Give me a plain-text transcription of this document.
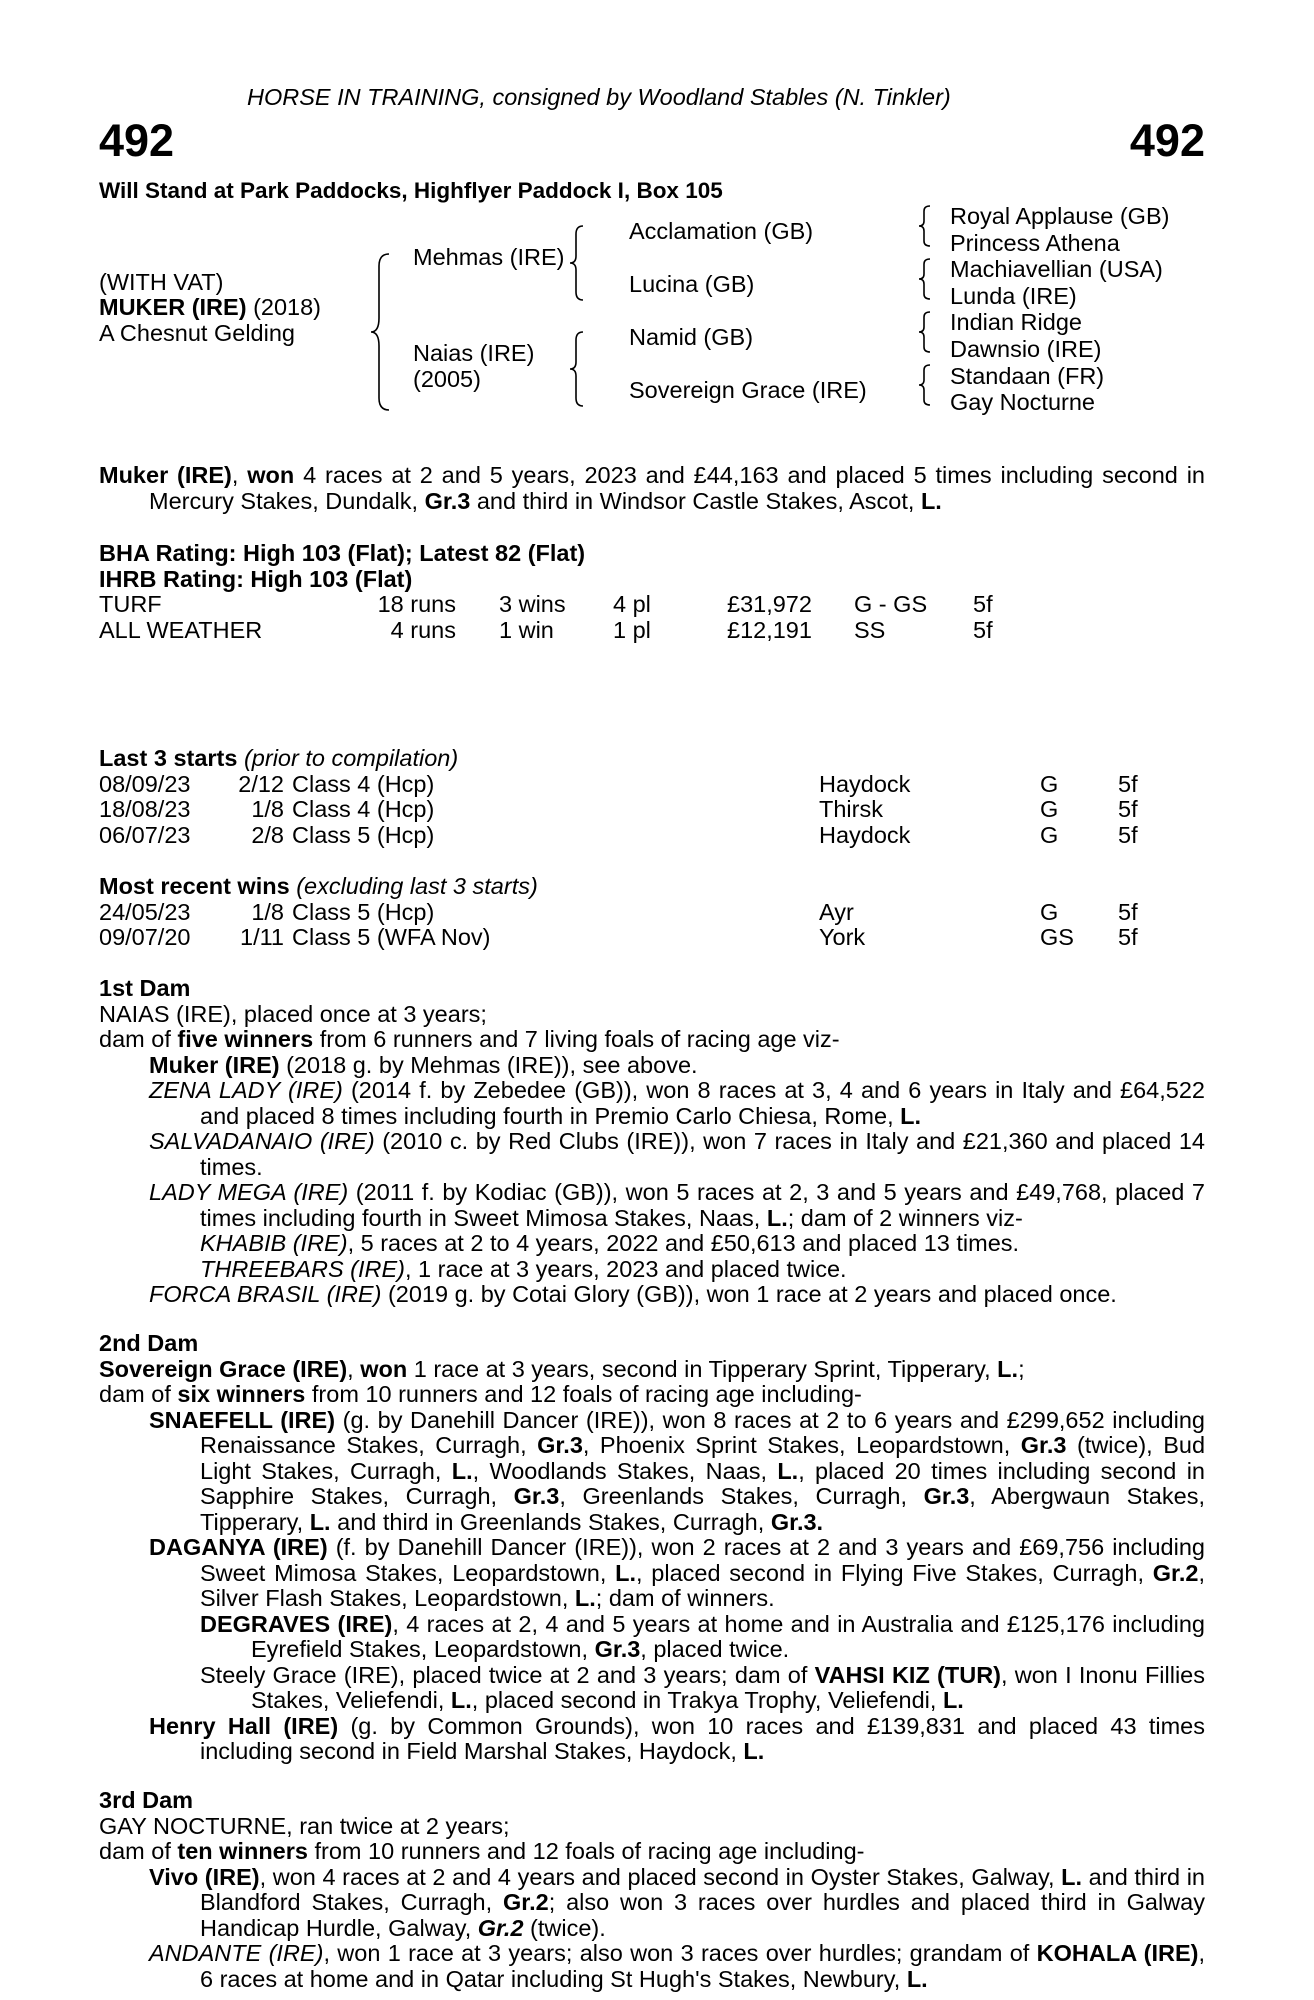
HORSE IN TRAINING, consigned by Woodland Stables (N. Tinkler)
492	492
Will Stand at Park Paddocks, Highflyer Paddock I, Box 105
(WITH VAT)
MUKER (IRE) (2018)
A Chesnut Gelding
Mehmas (IRE)
Naias (IRE)
(2005)
Acclamation (GB)
Lucina (GB)
Namid (GB)
Sovereign Grace (IRE)
Royal Applause (GB)
Princess Athena
Machiavellian (USA)
Lunda (IRE)
Indian Ridge
Dawnsio (IRE)
Standaan (FR)
Gay Nocturne

Muker (IRE), won 4 races at 2 and 5 years, 2023 and £44,163 and placed 5 times including second in Mercury Stakes, Dundalk, Gr.3 and third in Windsor Castle Stakes, Ascot, L.

BHA Rating: High 103 (Flat); Latest 82 (Flat)
IHRB Rating: High 103 (Flat)
TURF	18 runs 3 wins 4 pl	£31,972 G - GS 5f
ALL WEATHER	4 runs 1 win	1 pl	£12,191 SS	5f
Last 3 starts (prior to compilation)
08/09/23	2/12 Class 4 (Hcp)	Haydock	G	5f
18/08/23	1/8 Class 4 (Hcp)	Thirsk	G	5f
06/07/23	2/8 Class 5 (Hcp)	Haydock	G	5f
Most recent wins (excluding last 3 starts)
24/05/23	1/8 Class 5 (Hcp)	Ayr	G	5f
09/07/20	1/11 Class 5 (WFA Nov)	York	GS 5f
1st Dam

NAIAS (IRE), placed once at 3 years;

dam of five winners from 6 runners and 7 living foals of racing age viz-

Muker (IRE) (2018 g. by Mehmas (IRE)), see above.

ZENA LADY (IRE) (2014 f. by Zebedee (GB)), won 8 races at 3, 4 and 6 years in Italy and £64,522 and placed 8 times including fourth in Premio Carlo Chiesa, Rome, L.

SALVADANAIO (IRE) (2010 c. by Red Clubs (IRE)), won 7 races in Italy and £21,360 and placed 14 times.

LADY MEGA (IRE) (2011 f. by Kodiac (GB)), won 5 races at 2, 3 and 5 years and £49,768, placed 7 times including fourth in Sweet Mimosa Stakes, Naas, L.; dam of 2 winners viz-

KHABIB (IRE), 5 races at 2 to 4 years, 2022 and £50,613 and placed 13 times.

THREEBARS (IRE), 1 race at 3 years, 2023 and placed twice.

FORCA BRASIL (IRE) (2019 g. by Cotai Glory (GB)), won 1 race at 2 years and placed once.

2nd Dam

Sovereign Grace (IRE), won 1 race at 3 years, second in Tipperary Sprint, Tipperary, L.;

dam of six winners from 10 runners and 12 foals of racing age including-

SNAEFELL (IRE) (g. by Danehill Dancer (IRE)), won 8 races at 2 to 6 years and £299,652 including Renaissance Stakes, Curragh, Gr.3, Phoenix Sprint Stakes, Leopardstown, Gr.3 (twice), Bud Light Stakes, Curragh, L., Woodlands Stakes, Naas, L., placed 20 times including second in Sapphire Stakes, Curragh, Gr.3, Greenlands Stakes, Curragh, Gr.3, Abergwaun Stakes, Tipperary, L. and third in Greenlands Stakes, Curragh, Gr.3.

DAGANYA (IRE) (f. by Danehill Dancer (IRE)), won 2 races at 2 and 3 years and £69,756 including Sweet Mimosa Stakes, Leopardstown, L., placed second in Flying Five Stakes, Curragh, Gr.2, Silver Flash Stakes, Leopardstown, L.; dam of winners.

DEGRAVES (IRE), 4 races at 2, 4 and 5 years at home and in Australia and £125,176 including Eyrefield Stakes, Leopardstown, Gr.3, placed twice.

Steely Grace (IRE), placed twice at 2 and 3 years; dam of VAHSI KIZ (TUR), won I Inonu Fillies Stakes, Veliefendi, L., placed second in Trakya Trophy, Veliefendi, L.

Henry Hall (IRE) (g. by Common Grounds), won 10 races and £139,831 and placed 43 times including second in Field Marshal Stakes, Haydock, L.

3rd Dam

GAY NOCTURNE, ran twice at 2 years;

dam of ten winners from 10 runners and 12 foals of racing age including-

Vivo (IRE), won 4 races at 2 and 4 years and placed second in Oyster Stakes, Galway, L. and third in Blandford Stakes, Curragh, Gr.2; also won 3 races over hurdles and placed third in Galway Handicap Hurdle, Galway, Gr.2 (twice).

ANDANTE (IRE), won 1 race at 3 years; also won 3 races over hurdles; grandam of KOHALA (IRE), 6 races at home and in Qatar including St Hugh's Stakes, Newbury, L.
